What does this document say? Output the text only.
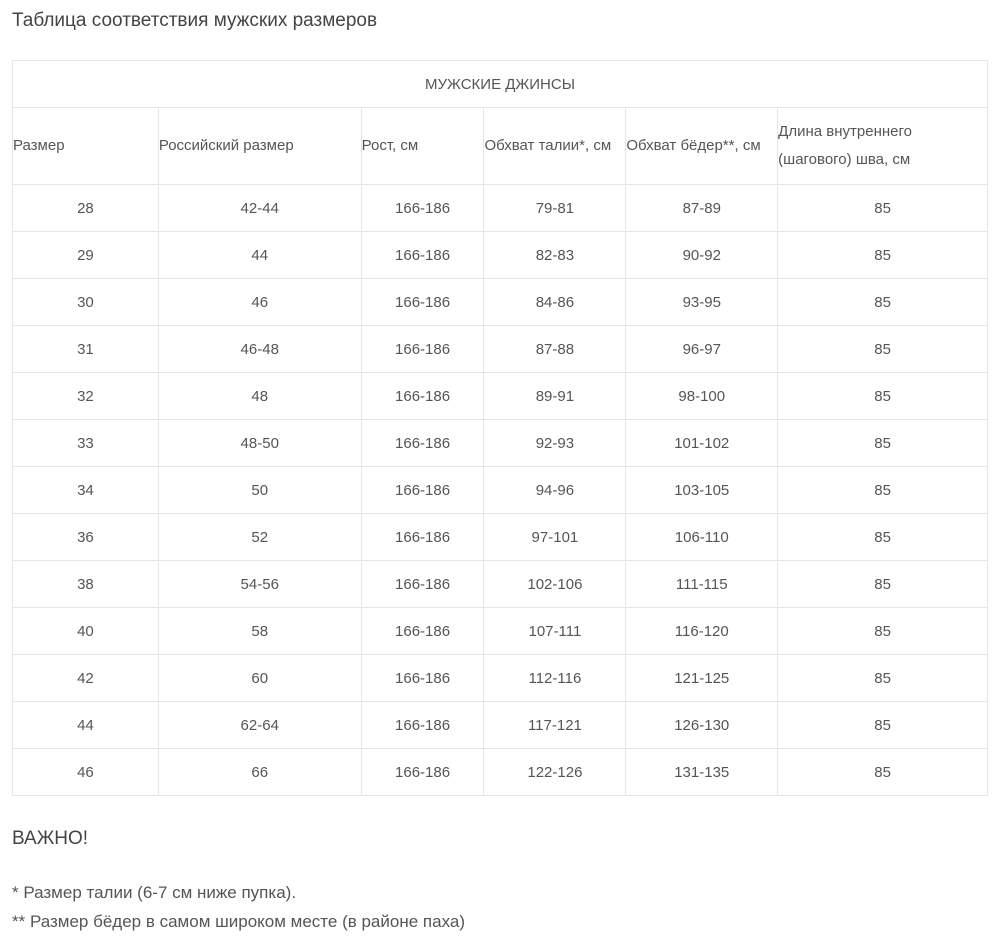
Таблица соответствия мужских размеров
МУЖСКИЕ ДЖИНСЫ					
Размер	Российский размер	Рост, см	Обхват талии*, см	Обхват бёдер**, см	Длина внутреннего (шагового) шва, см
28	42-44	166-186	79-81	87-89	85
29	44	166-186	82-83	90-92	85
30	46	166-186	84-86	93-95	85
31	46-48	166-186	87-88	96-97	85
32	48	166-186	89-91	98-100	85
33	48-50	166-186	92-93	101-102	85
34	50	166-186	94-96	103-105	85
36	52	166-186	97-101	106-110	85
38	54-56	166-186	102-106	111-115	85
40	58	166-186	107-111	116-120	85
42	60	166-186	112-116	121-125	85
44	62-64	166-186	117-121	126-130	85
46	66	166-186	122-126	131-135	85
ВАЖНО!
* Размер талии (6-7 см ниже пупка).
** Размер бёдер в самом широком месте (в районе паха)
